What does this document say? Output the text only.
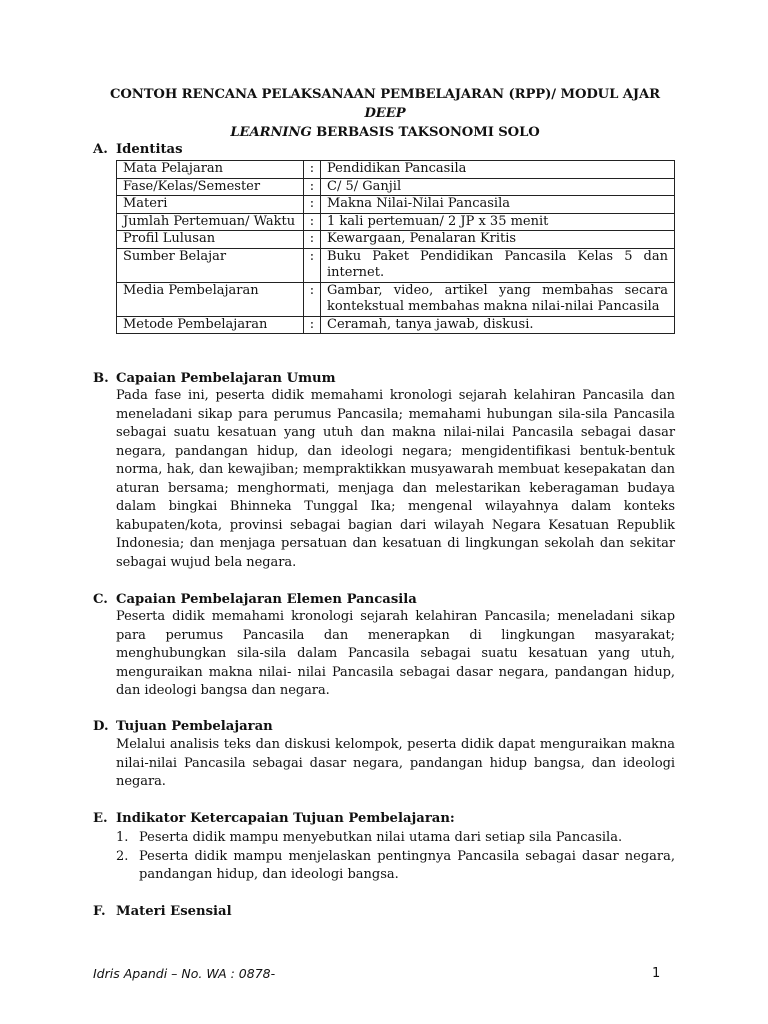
CONTOH RENCANA PELAKSANAAN PEMBELAJARAN (RPP)/ MODUL AJAR DEEP
LEARNING BERBASIS TAKSONOMI SOLO
A. Identitas
Mata Pelajaran	:	Pendidikan Pancasila
Fase/Kelas/Semester	:	C/ 5/ Ganjil
Materi	:	Makna Nilai-Nilai Pancasila
Jumlah Pertemuan/ Waktu	:	1 kali pertemuan/ 2 JP x 35 menit
Profil Lulusan	:	Kewargaan, Penalaran Kritis
Sumber Belajar	:	Buku Paket Pendidikan Pancasila Kelas 5 dan internet.
Media Pembelajaran	:	Gambar, video, artikel yang membahas secara kontekstual membahas makna nilai-nilai Pancasila
Metode Pembelajaran	:	Ceramah, tanya jawab, diskusi.
B. Capaian Pembelajaran Umum
Pada fase ini, peserta didik memahami kronologi sejarah kelahiran Pancasila dan meneladani sikap para perumus Pancasila; memahami hubungan sila-sila Pancasila sebagai suatu kesatuan yang utuh dan makna nilai-nilai Pancasila sebagai dasar negara, pandangan hidup, dan ideologi negara; mengidentifikasi bentuk-bentuk norma, hak, dan kewajiban; mempraktikkan musyawarah membuat kesepakatan dan aturan bersama; menghormati, menjaga dan melestarikan keberagaman budaya dalam bingkai Bhinneka Tunggal Ika; mengenal wilayahnya dalam konteks kabupaten/kota, provinsi sebagai bagian dari wilayah Negara Kesatuan Republik Indonesia; dan menjaga persatuan dan kesatuan di lingkungan sekolah dan sekitar sebagai wujud bela negara.
C. Capaian Pembelajaran Elemen Pancasila
Peserta didik memahami kronologi sejarah kelahiran Pancasila; meneladani sikap para perumus Pancasila dan menerapkan di lingkungan masyarakat; menghubungkan sila-sila dalam Pancasila sebagai suatu kesatuan yang utuh, menguraikan makna nilai- nilai Pancasila sebagai dasar negara, pandangan hidup, dan ideologi bangsa dan negara.
D. Tujuan Pembelajaran
Melalui analisis teks dan diskusi kelompok, peserta didik dapat menguraikan makna nilai-nilai Pancasila sebagai dasar negara, pandangan hidup bangsa, dan ideologi negara.
E. Indikator Ketercapaian Tujuan Pembelajaran:
1. Peserta didik mampu menyebutkan nilai utama dari setiap sila Pancasila.
2. Peserta didik mampu menjelaskan pentingnya Pancasila sebagai dasar negara, pandangan hidup, dan ideologi bangsa.
F. Materi Esensial
Idris Apandi – No. WA : 0878-	1
